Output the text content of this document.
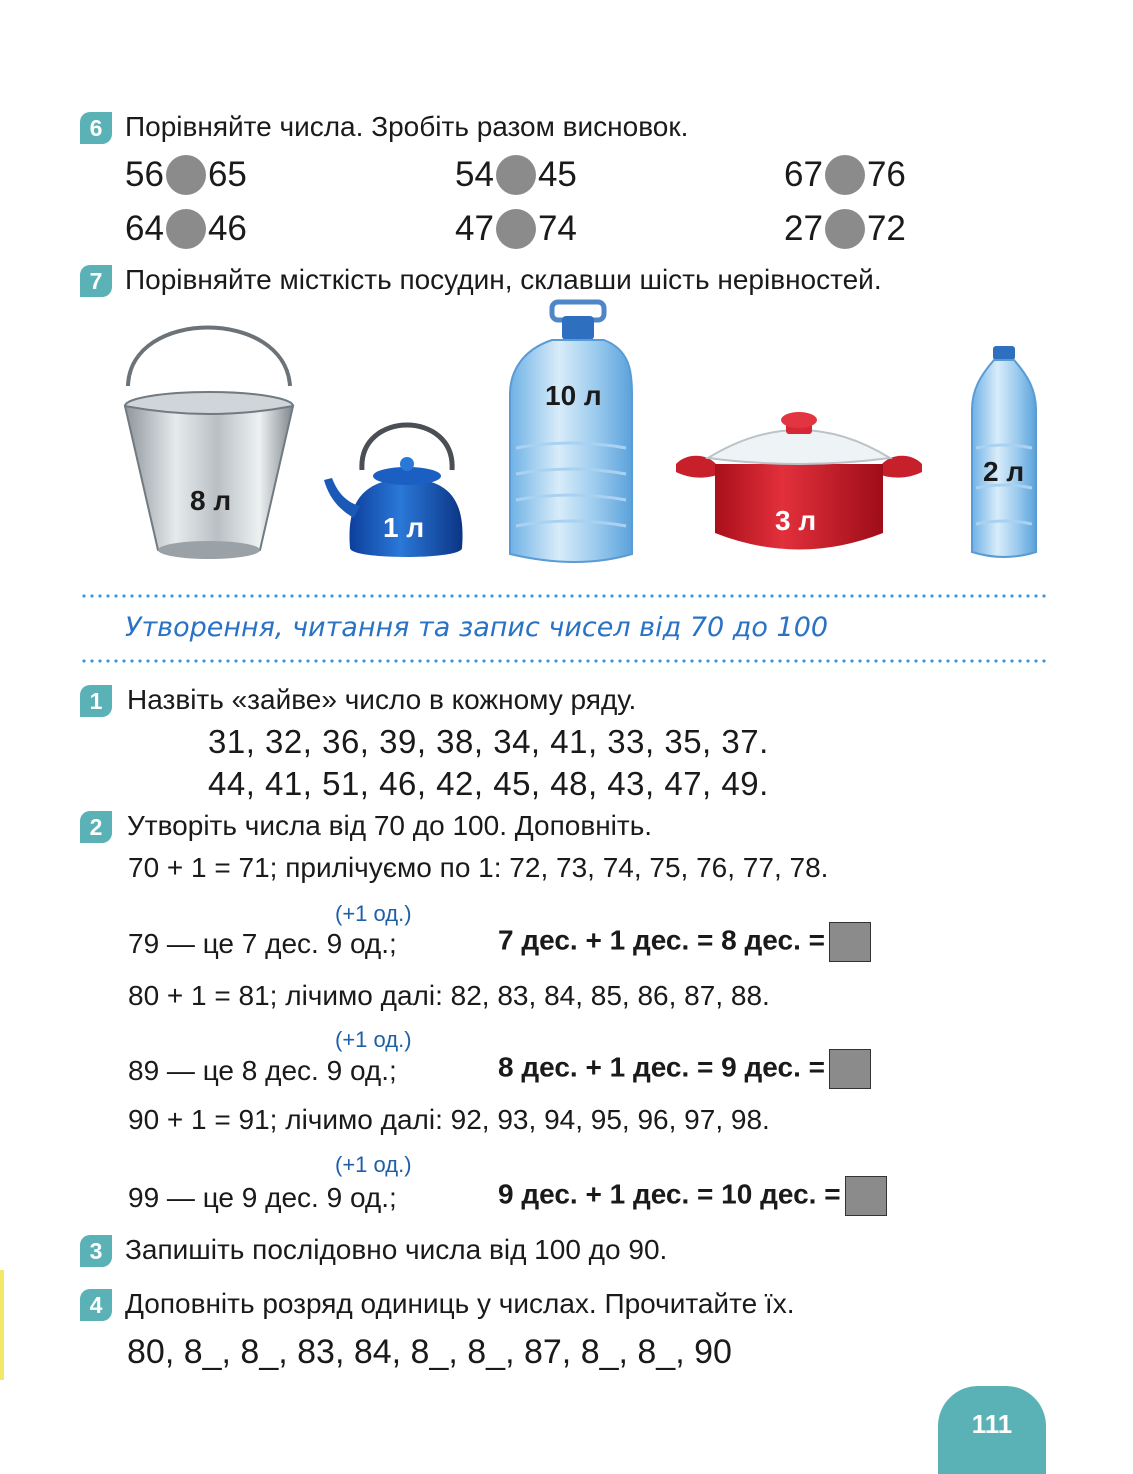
6 Порівняйте числа. Зробіть разом висновок.
56 65	54 45	67 76
64 46	47 74	27 72
7 Порівняйте місткість посудин, склавши шість нерівностей.
8 л
1 л
10 л
3 л
2 л
Утворення, читання та запис чисел від 70 до 100
1 Назвіть «зайве» число в кожному ряду.
31, 32, 36, 39, 38, 34, 41, 33, 35, 37.
44, 41, 51, 46, 42, 45, 48, 43, 47, 49.
2 Утворіть числа від 70 до 100. Доповніть.
70 + 1 = 71; прилічуємо по 1: 72, 73, 74, 75, 76, 77, 78.
(+1 од.)
79 — це 7 дес. 9 од.;	7 дес. + 1 дес. = 8 дес. =
80 + 1 = 81; лічимо далі: 82, 83, 84, 85, 86, 87, 88.
(+1 од.)
89 — це 8 дес. 9 од.;	8 дес. + 1 дес. = 9 дес. =
90 + 1 = 91; лічимо далі: 92, 93, 94, 95, 96, 97, 98.
(+1 од.)
99 — це 9 дес. 9 од.;	9 дес. + 1 дес. = 10 дес. =
3 Запишіть послідовно числа від 100 до 90.
4 Доповніть розряд одиниць у числах. Прочитайте їх.
80, 8_, 8_, 83, 84, 8_, 8_, 87, 8_, 8_, 90
111
